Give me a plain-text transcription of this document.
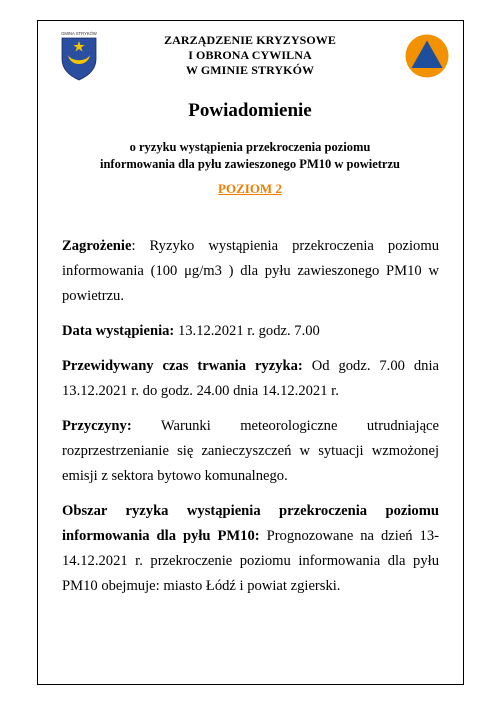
GMINA STRYKÓW	ZARZĄDZENIE KRYZYSOWE
I OBRONA CYWILNA
W GMINIE STRYKÓW
Powiadomienie
o ryzyku wystąpienia przekroczenia poziomu
informowania dla pyłu zawieszonego PM10 w powietrzu
POZIOM 2

Zagrożenie: Ryzyko wystąpienia przekroczenia poziomu informowania (100 μg/m3 ) dla pyłu zawieszonego PM10 w powietrzu.

Data wystąpienia: 13.12.2021 r. godz. 7.00

Przewidywany czas trwania ryzyka: Od godz. 7.00 dnia 13.12.2021 r. do godz. 24.00 dnia 14.12.2021 r.

Przyczyny: Warunki meteorologiczne utrudniające rozprzestrzenianie się zanieczyszczeń w sytuacji wzmożonej emisji z sektora bytowo komunalnego.

Obszar ryzyka wystąpienia przekroczenia poziomu informowania dla pyłu PM10: Prognozowane na dzień 13-14.12.2021 r. przekroczenie poziomu informowania dla pyłu PM10 obejmuje: miasto Łódź i powiat zgierski.
